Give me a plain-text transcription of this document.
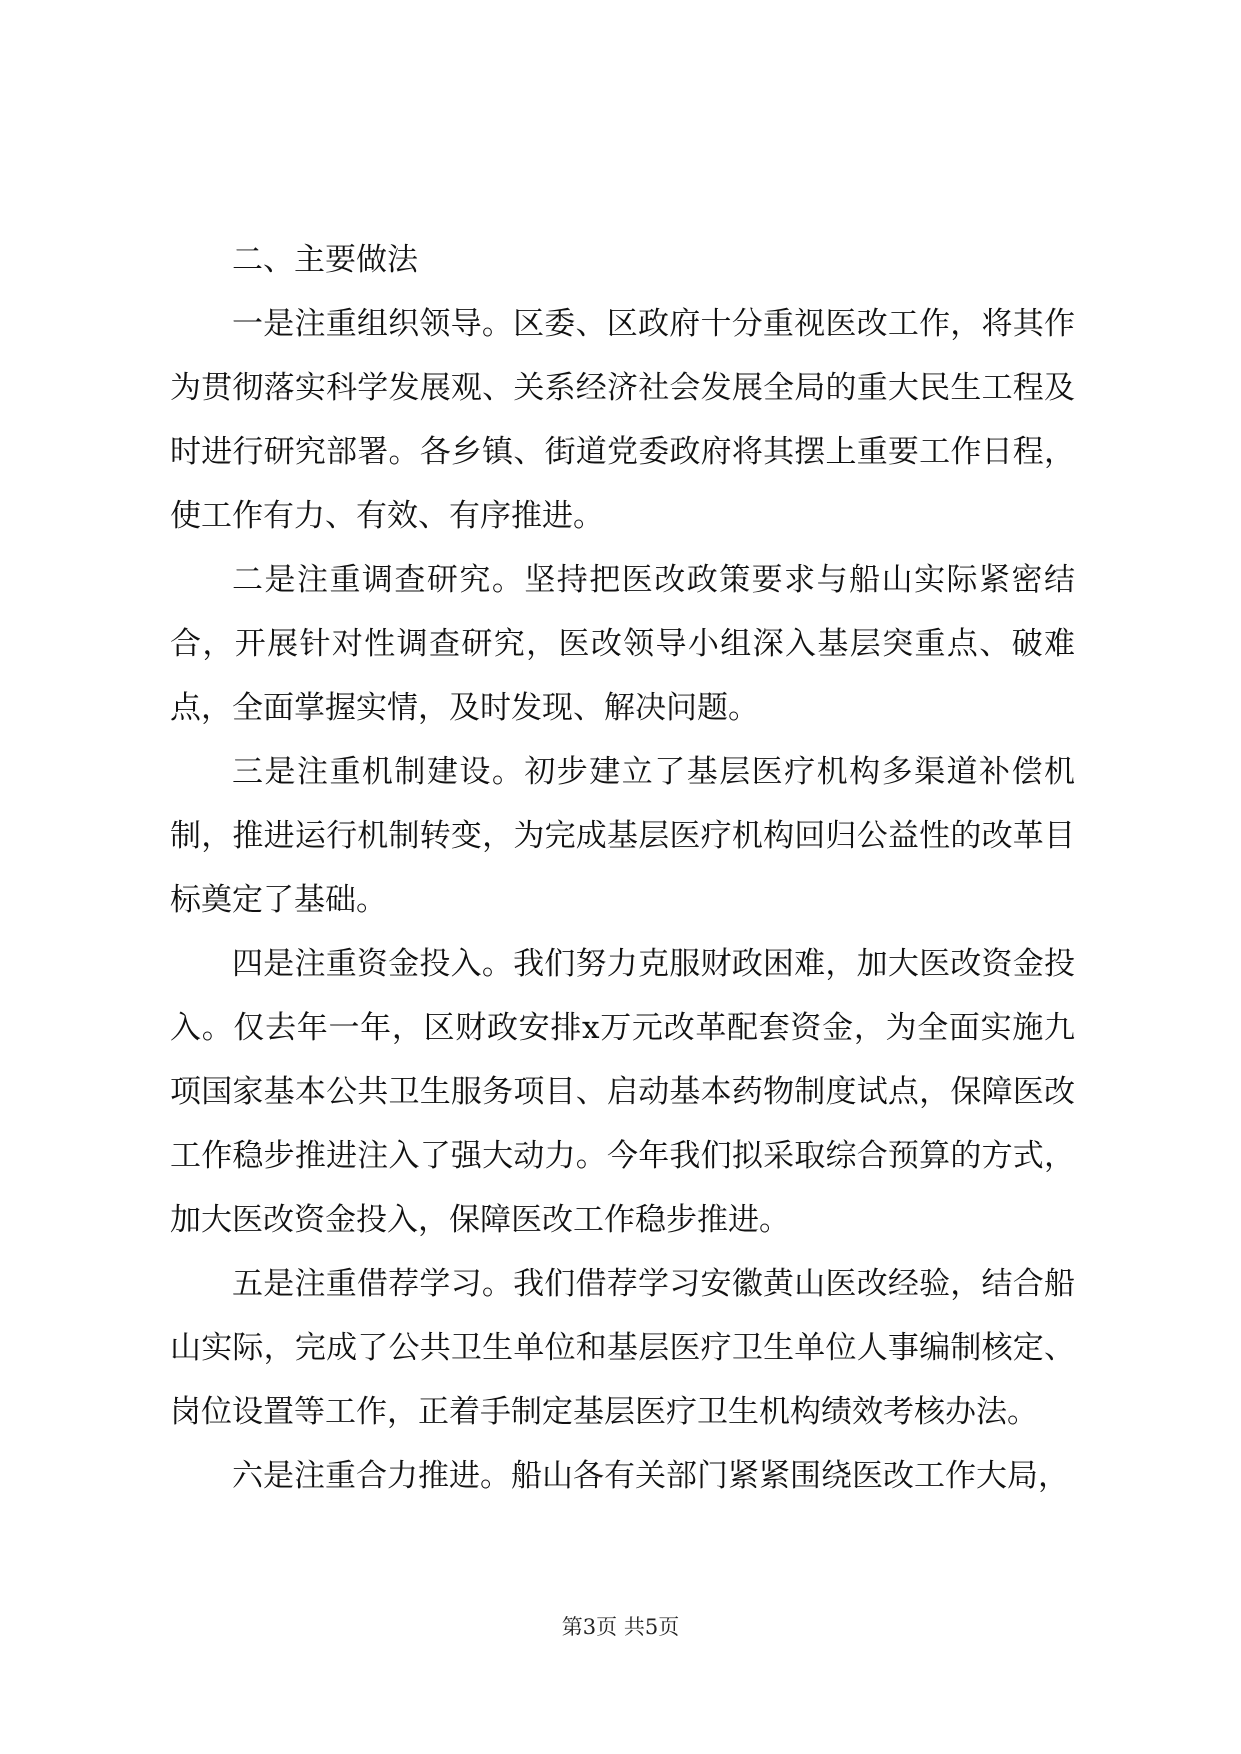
二、主要做法

一是注重组织领导。区委、区政府十分重视医改工作，将其作为贯彻落实科学发展观、关系经济社会发展全局的重大民生工程及时进行研究部署。各乡镇、街道党委政府将其摆上重要工作日程，使工作有力、有效、有序推进。

二是注重调查研究。坚持把医改政策要求与船山实际紧密结合，开展针对性调查研究，医改领导小组深入基层突重点、破难点，全面掌握实情，及时发现、解决问题。

三是注重机制建设。初步建立了基层医疗机构多渠道补偿机制，推进运行机制转变，为完成基层医疗机构回归公益性的改革目标奠定了基础。

四是注重资金投入。我们努力克服财政困难，加大医改资金投入。仅去年一年，区财政安排x万元改革配套资金，为全面实施九项国家基本公共卫生服务项目、启动基本药物制度试点，保障医改工作稳步推进注入了强大动力。今年我们拟采取综合预算的方式，加大医改资金投入，保障医改工作稳步推进。

五是注重借荐学习。我们借荐学习安徽黄山医改经验，结合船山实际，完成了公共卫生单位和基层医疗卫生单位人事编制核定、岗位设置等工作，正着手制定基层医疗卫生机构绩效考核办法。

六是注重合力推进。船山各有关部门紧紧围绕医改工作大局，

第3页 共5页
